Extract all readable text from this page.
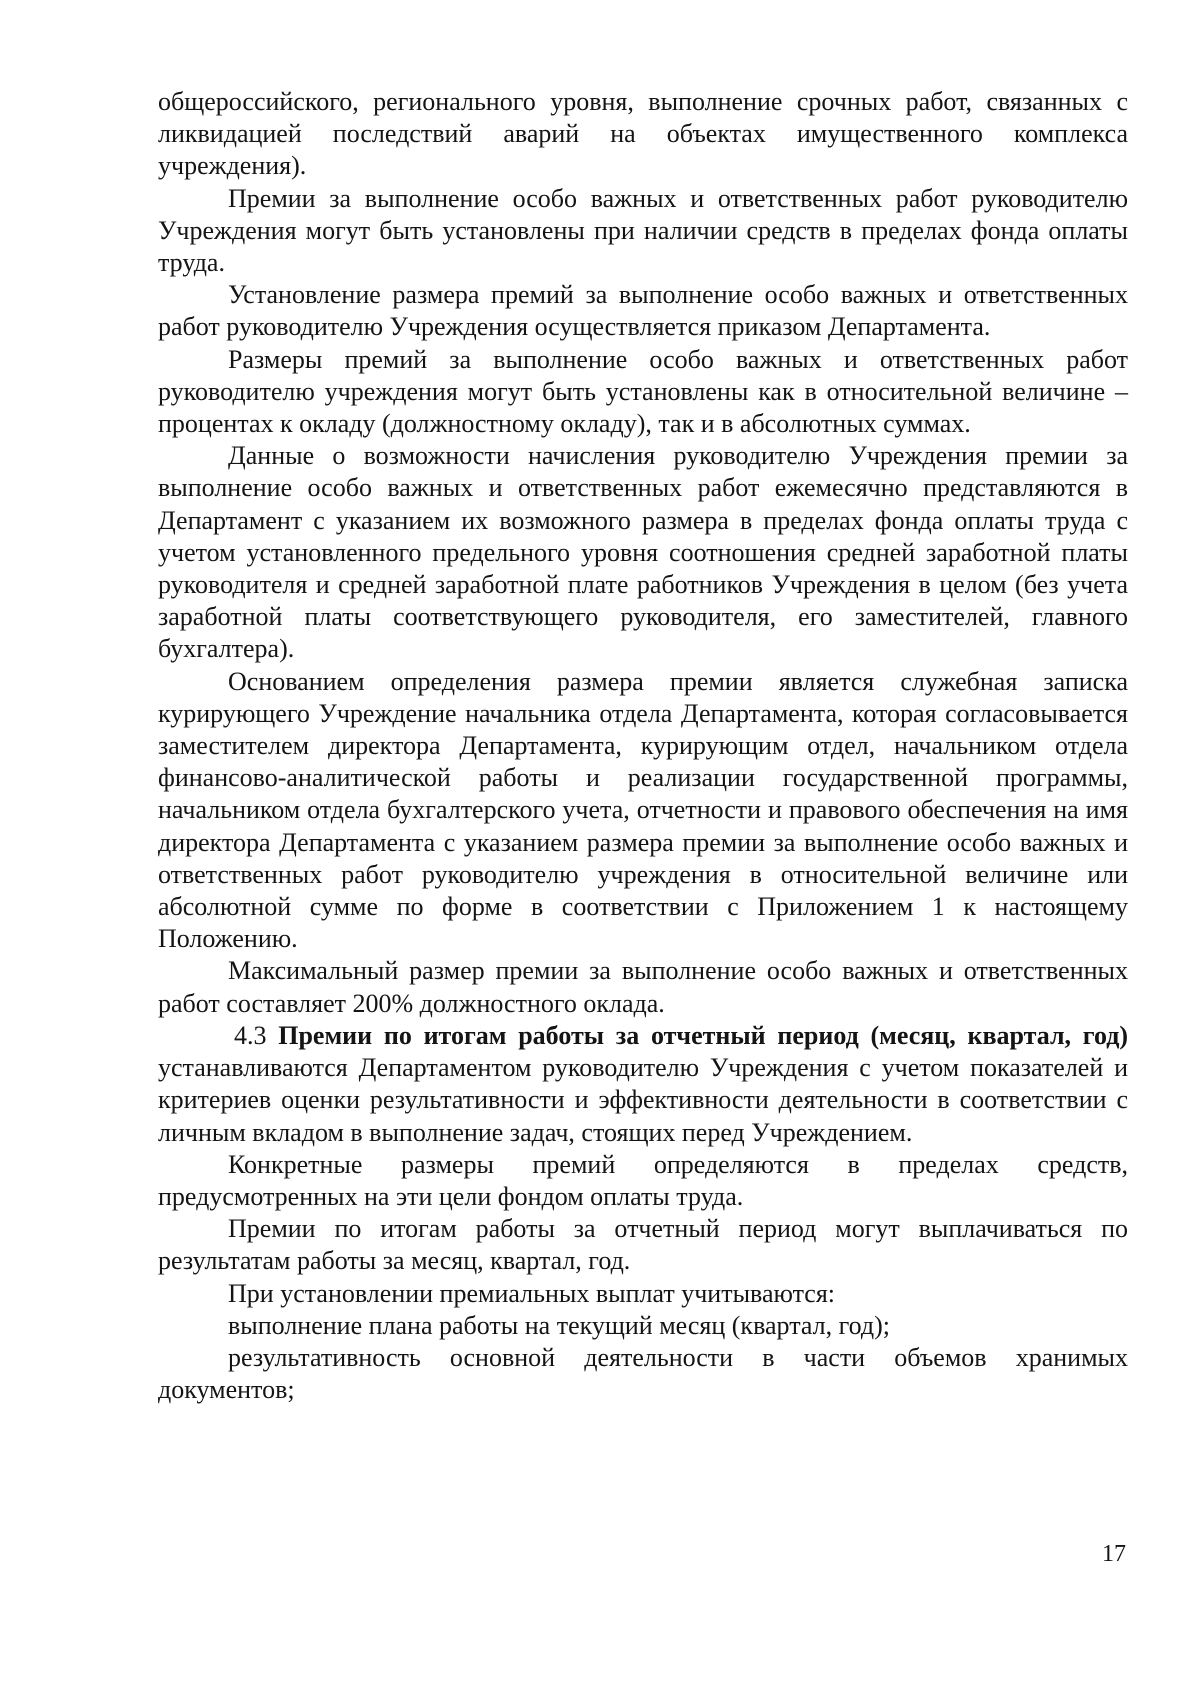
общероссийского, регионального уровня, выполнение срочных работ, связанных с ликвидацией последствий аварий на объектах имущественного комплекса учреждения).

Премии за выполнение особо важных и ответственных работ руководителю Учреждения могут быть установлены при наличии средств в пределах фонда оплаты труда.

Установление размера премий за выполнение особо важных и ответственных работ руководителю Учреждения осуществляется приказом Департамента.

Размеры премий за выполнение особо важных и ответственных работ руководителю учреждения могут быть установлены как в относительной величине – процентах к окладу (должностному окладу), так и в абсолютных суммах.

Данные о возможности начисления руководителю Учреждения премии за выполнение особо важных и ответственных работ ежемесячно представляются в Департамент с указанием их возможного размера в пределах фонда оплаты труда с учетом установленного предельного уровня соотношения средней заработной платы руководителя и средней заработной плате работников Учреждения в целом (без учета заработной платы соответствующего руководителя, его заместителей, главного бухгалтера).

Основанием определения размера премии является служебная записка курирующего Учреждение начальника отдела Департамента, которая согласовывается заместителем директора Департамента, курирующим отдел, начальником отдела финансово-аналитической работы и реализации государственной программы, начальником отдела бухгалтерского учета, отчетности и правового обеспечения на имя директора Департамента с указанием размера премии за выполнение особо важных и ответственных работ руководителю учреждения в относительной величине или абсолютной сумме по форме в соответствии с Приложением 1 к настоящему Положению.

Максимальный размер премии за выполнение особо важных и ответственных работ составляет 200% должностного оклада.

4.3 Премии по итогам работы за отчетный период (месяц, квартал, год) устанавливаются Департаментом руководителю Учреждения с учетом показателей и критериев оценки результативности и эффективности деятельности в соответствии с личным вкладом в выполнение задач, стоящих перед Учреждением.

Конкретные размеры премий определяются в пределах средств, предусмотренных на эти цели фондом оплаты труда.

Премии по итогам работы за отчетный период могут выплачиваться по результатам работы за месяц, квартал, год.

При установлении премиальных выплат учитываются:

выполнение плана работы на текущий месяц (квартал, год);

результативность основной деятельности в части объемов хранимых документов;

17
